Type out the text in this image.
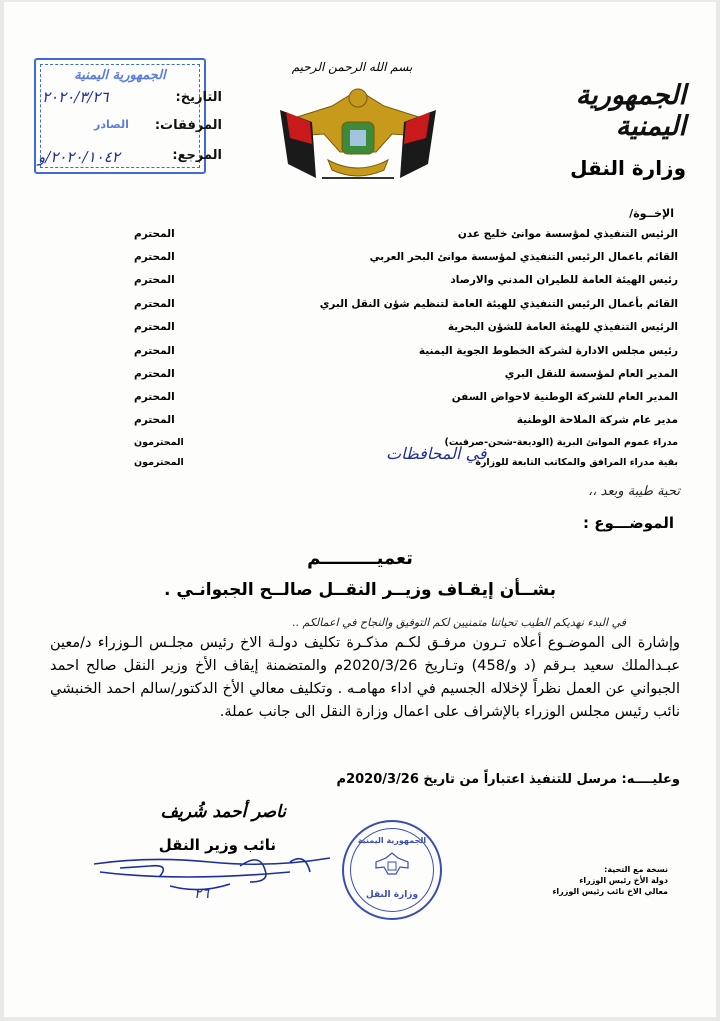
الجمهورية اليمنية
وزارة النقل
بسم الله الرحمن الرحيم
الجمهورية اليمنية
الصادر
التاريخ:
٢٠٢٠/٣/٢٦
المرفقات:
المرجع:
٢٠٢٠/١٠٤٢/و
الإخــوة/
الرئيس التنفيذي لمؤسسة موانئ خليج عدن
المحترم
القائم باعمال الرئيس التنفيذي لمؤسسة موانئ البحر العربي
المحترم
رئيس الهيئة العامة للطيران المدني والارصاد
المحترم
القائم بأعمال الرئيس التنفيذي للهيئة العامة لتنظيم شؤن النقل البري
المحترم
الرئيس التنفيذي للهيئة العامة للشؤن البحرية
المحترم
رئيس مجلس الادارة لشركة الخطوط الجوية اليمنية
المحترم
المدير العام لمؤسسة للنقل البري
المحترم
المدير العام للشركة الوطنية لاحواض السفن
المحترم
مدير عام شركة الملاحة الوطنية
المحترم
مدراء عموم الموانئ البرية (الوديعة-شحن-صرفيت)
المحترمون
بقية مدراء المرافق والمكاتب التابعة للوزارة
المحترمون	في المحافظات
تحية طيبة وبعد ،،
الموضـــوع :
تعميـــــــــم
بشــأن إيقـاف وزيــر النقــل صالــح الجبوانـي .
في البدء نهديكم الطيب تحياتنا متمنيين لكم التوفيق والنجاح في اعمالكم ..
وإشارة الى الموضـوع أعلاه تـرون مرفـق لكـم مذكـرة تكليف دولـة الاخ رئيس مجلـس الـوزراء د/معين عبـدالملك سعيد بـرقم (د و/458) وتـاريخ 2020/3/26م والمتضمنة إيقاف الأخ وزير النقل صالح احمد الجبواني عن العمل نظراً لإخلاله الجسيم في اداء مهامـه . وتكليف معالي الأخ الدكتور/سالم احمد الخنبشي نائب رئيس مجلس الوزراء بالإشراف على اعمال وزارة النقل الى جانب عملة.
وعليــــه: مرسل للتنفيذ اعتباراً من تاريخ 2020/3/26م
ناصر أحمد شُريف
نائب وزير النقل
٢٦
الجمهورية اليمنية
وزارة النقل
نسخة مع التحية:
دولة الأخ رئيس الوزراء
معالي الاخ نائب رئيس الوزراء
